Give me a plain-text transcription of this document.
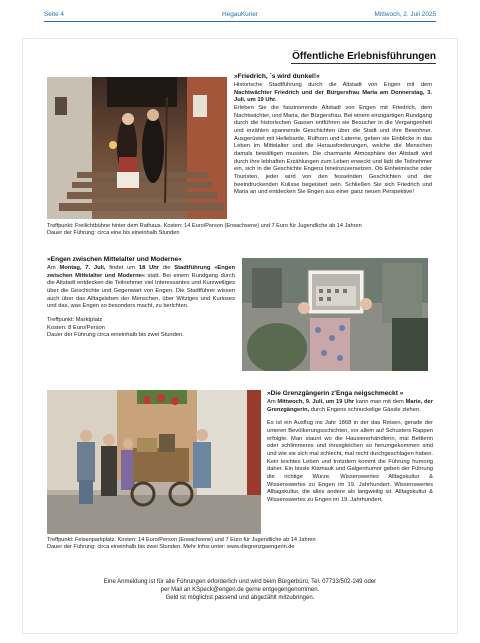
Seite 4	HegauKurier	Mittwoch, 2. Juli 2025
Öffentliche Erlebnisführungen
»Friedrich, ´s wird dunkel!«

Historische Stadtführung durch die Altstadt von Engen mit dem Nachtwächter Friedrich und der Bürgersfrau Maria am Donnerstag, 3. Juli, um 19 Uhr.

Erleben Sie die faszinierende Altstadt von Engen mit Friedrich, dem Nachtwächter, und Maria, der Bürgersfrau. Bei einem einzigartigen Rundgang durch die historischen Gassen entführen sie Besucher in die Vergangenheit und erzählen spannende Geschichten über die Stadt und ihre Bewohner. Ausgerüstet mit Hellebarde, Rufhorn und Laterne, geben sie Einblicke in das Leben im Mittelalter und die Herausforderungen, welche die Menschen damals bewältigen mussten. Die charmante Atmosphäre der Altstadt wird durch ihre lebhaften Erzählungen zum Leben erweckt und lädt die Teilnehmer ein, sich in die Geschichte Engens hineinzuversetzen. Ob Einheimische oder Touristen, jeder wird von den fesselnden Geschichten und der beeindruckenden Kulisse begeistert sein. Schließen Sie sich Friedrich und Maria an und entdecken Sie Engen aus einer ganz neuen Perspektive!

Treffpunkt: Freilichtbühne hinter dem Rathaus. Kosten: 14 Euro/Person (Erwachsene) und 7 Euro für Jugendliche ab 14 Jahren
Dauer der Führung: circa eine bis eineinhalb Stunden
»Engen zwischen Mittelalter und Moderne«

Am Montag, 7. Juli, findet um 18 Uhr die Stadtführung »Engen zwischen Mittelalter und Moderne« statt. Bei einem Rundgang durch die Altstadt entdecken die Teilnehmer viel Interessantes und Kurzweiliges über die Geschichte und Gegenwart von Engen. Die Stadtführer wissen auch über das Alltagsleben der Menschen, über Witziges und Kurioses und das, was Engen so besonders macht, zu berichten.

Treffpunkt: Marktplatz
Kosten: 8 Euro/Person
Dauer der Führung circa eineinhalb bis zwei Stunden.
»Die Grenzgängerin z'Enga neigschmeckt «

Am Mittwoch, 9. Juli, um 19 Uhr kann man mit dem Marie, der Grenzgängerin, durch Engens schnuckelige Gässle ziehen.

Es ist ein Ausflug ins Jahr 1868 in der das Reisen, gerade der unteren Bevölkerungsschichten, vor allem auf Schusters Rappen erfolgte. Man staunt wo die Hausiererhändlerin, mal Bettlerin oder schlimmeres und ihresgleichen so herumgekommen sind und wie sie sich mal schlecht, mal recht durchgeschlagen haben. Kein leichtes Leben und trotzdem kommt die Führung humorig daher. Ein bissle Klamauk und Galgenhumor geben der Führung die richtige Würze. Wissenswertes Alltagskultur & Wissenswertes zu Engen im 19. Jahrhundert. Wissenswertes Alltagskultur, die alles andere als langweilig ist. Alltagskultur & Wissenswertes zu Engen im 19. Jahrhundert.

Treffpunkt: Felsenparkplatz. Kosten: 14 Euro/Person (Erwachsene) und 7 Euro für Jugendliche ab 14 Jahren
Dauer der Führung: circa eineinhalb bis zwei Stunden. Mehr Infos unter: www.diegrenzgaengerin.de
Eine Anmeldung ist für alle Führungen erforderlich und wird beim Bürgerbüro, Tel. 07733/502-249 oder
per Mail an KSpeck@engen.de gerne entgegengenommen.
Geld ist möglichst passend und abgezählt mitzubringen.
